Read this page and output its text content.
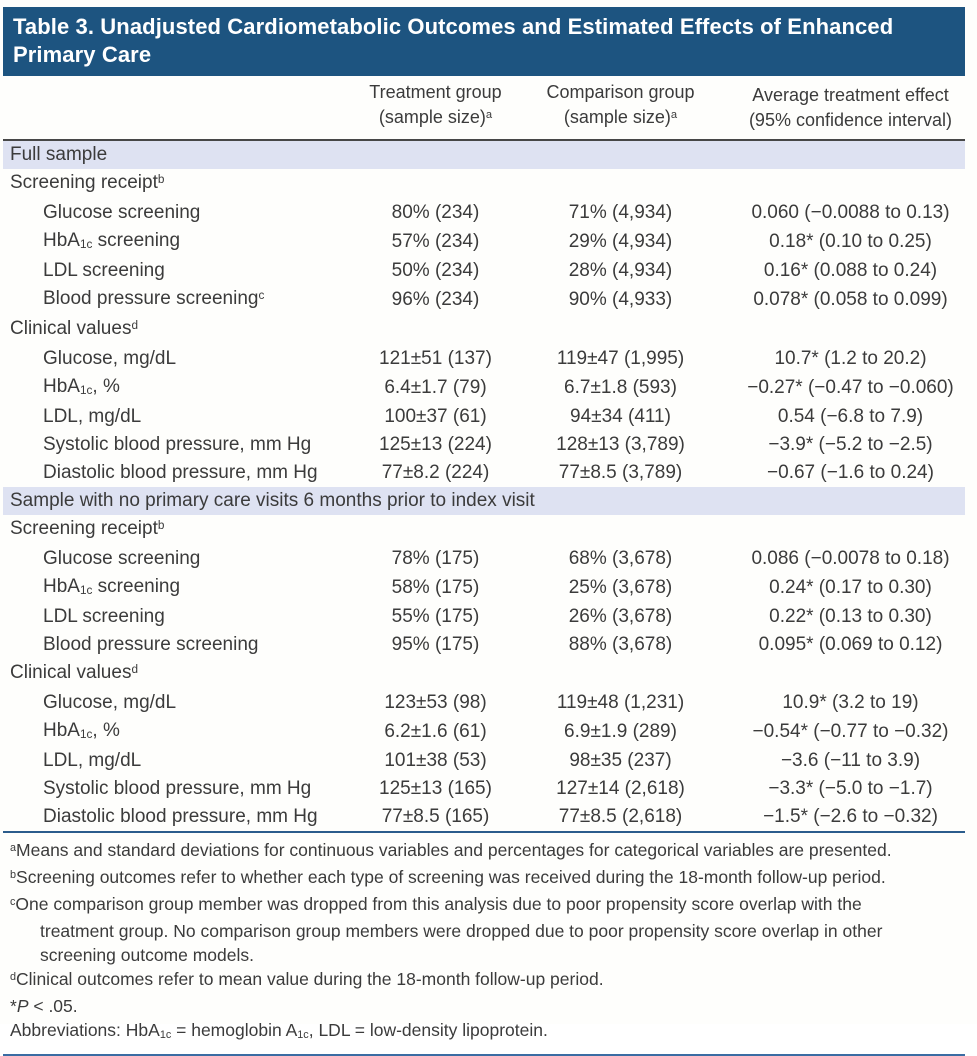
Table 3. Unadjusted Cardiometabolic Outcomes and Estimated Effects of Enhanced Primary Care

	Treatment group
(sample size)$^a$	Comparison group
(sample size)$^a$	Average treatment effect
(95% confidence interval)

Full sample			
Screening receipt$^b$
Glucose screening	80% (234)	71% (4,934)	0.060 (−0.0088 to 0.13)
HbA1c screening	57% (234)	29% (4,934)	0.18* (0.10 to 0.25)
LDL screening	50% (234)	28% (4,934)	0.16* (0.088 to 0.24)
Blood pressure screening$^c$	96% (234)	90% (4,933)	0.078* (0.058 to 0.099)
Clinical values$^d$
Glucose, mg/dL	121±51 (137)	119±47 (1,995)	10.7* (1.2 to 20.2)
HbA1c, %	6.4±1.7 (79)	6.7±1.8 (593)	−0.27* (−0.47 to −0.060)
LDL, mg/dL	100±37 (61)	94±34 (411)	0.54 (−6.8 to 7.9)
Systolic blood pressure, mm Hg	125±13 (224)	128±13 (3,789)	−3.9* (−5.2 to −2.5)
Diastolic blood pressure, mm Hg	77±8.2 (224)	77±8.5 (3,789)	−0.67 (−1.6 to 0.24)
Sample with no primary care visits 6 months prior to index visit			
Screening receipt$^b$
Glucose screening	78% (175)	68% (3,678)	0.086 (−0.0078 to 0.18)
HbA1c screening	58% (175)	25% (3,678)	0.24* (0.17 to 0.30)
LDL screening	55% (175)	26% (3,678)	0.22* (0.13 to 0.30)
Blood pressure screening	95% (175)	88% (3,678)	0.095* (0.069 to 0.12)
Clinical values$^d$
Glucose, mg/dL	123±53 (98)	119±48 (1,231)	10.9* (3.2 to 19)
HbA1c, %	6.2±1.6 (61)	6.9±1.9 (289)	−0.54* (−0.77 to −0.32)
LDL, mg/dL	101±38 (53)	98±35 (237)	−3.6 (−11 to 3.9)
Systolic blood pressure, mm Hg	125±13 (165)	127±14 (2,618)	−3.3* (−5.0 to −1.7)
Diastolic blood pressure, mm Hg	77±8.5 (165)	77±8.5 (2,618)	−1.5* (−2.6 to −0.32)
$^a$Means and standard deviations for continuous variables and percentages for categorical variables are presented.
$^b$Screening outcomes refer to whether each type of screening was received during the 18-month follow-up period.
$^c$One comparison group member was dropped from this analysis due to poor propensity score overlap with the treatment group. No comparison group members were dropped due to poor propensity score overlap in other screening outcome models.
$^d$Clinical outcomes refer to mean value during the 18-month follow-up period.
*P < .05.
Abbreviations: HbA1c = hemoglobin A1c, LDL = low-density lipoprotein.
